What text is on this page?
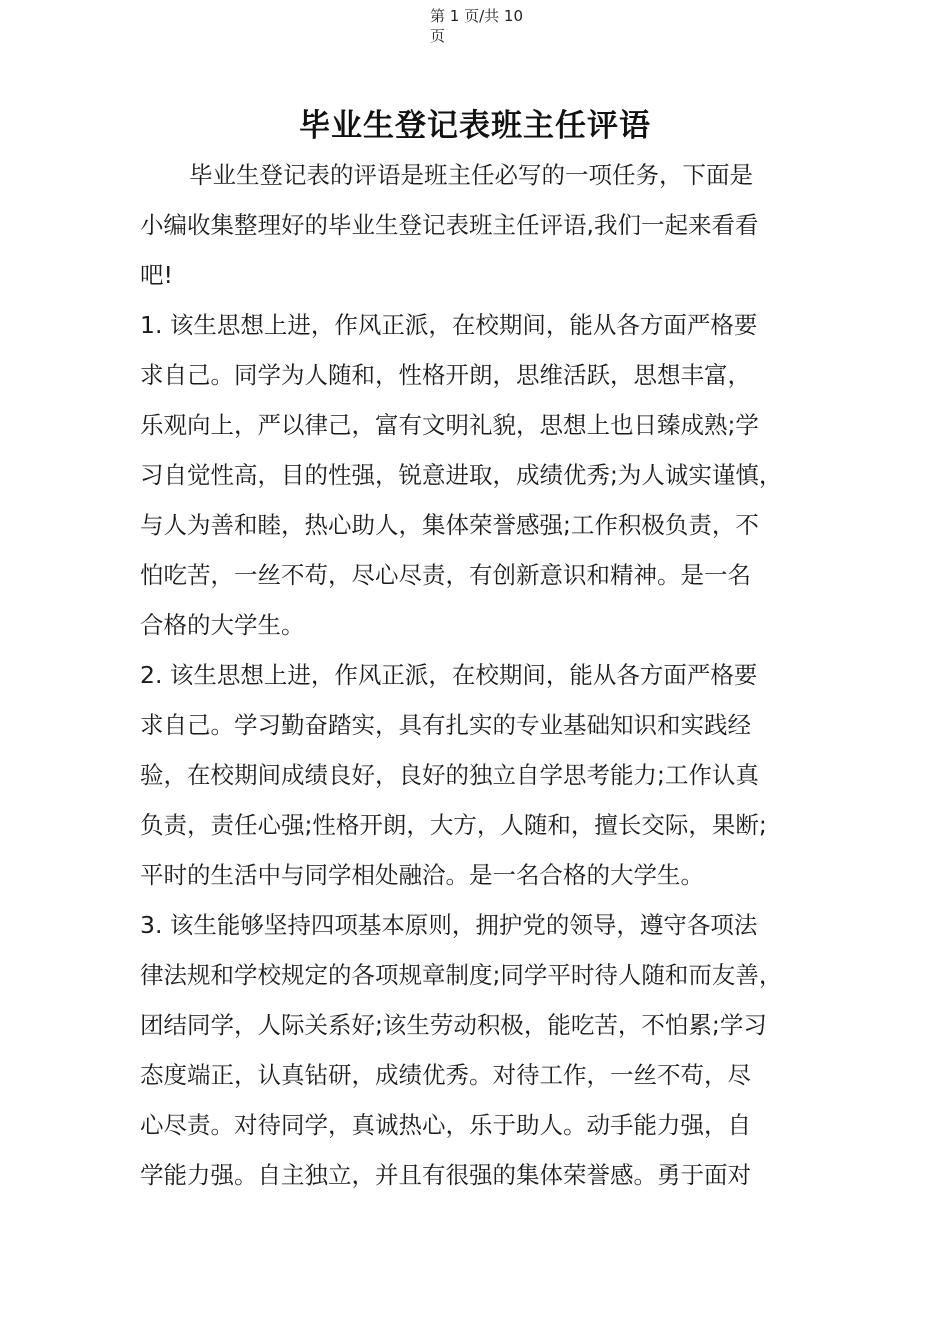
第 1 页/共 10 页
毕业生登记表班主任评语
毕业生登记表的评语是班主任必写的一项任务，下面是
小编收集整理好的毕业生登记表班主任评语,我们一起来看看
吧!
1. 该生思想上进，作风正派，在校期间，能从各方面严格要
求自己。同学为人随和，性格开朗，思维活跃，思想丰富，
乐观向上，严以律己，富有文明礼貌，思想上也日臻成熟;学
习自觉性高，目的性强，锐意进取，成绩优秀;为人诚实谨慎，
与人为善和睦，热心助人，集体荣誉感强;工作积极负责，不
怕吃苦，一丝不苟，尽心尽责，有创新意识和精神。是一名
合格的大学生。
2. 该生思想上进，作风正派，在校期间，能从各方面严格要
求自己。学习勤奋踏实，具有扎实的专业基础知识和实践经
验，在校期间成绩良好，良好的独立自学思考能力;工作认真
负责，责任心强;性格开朗，大方，人随和，擅长交际，果断;
平时的生活中与同学相处融洽。是一名合格的大学生。
3. 该生能够坚持四项基本原则，拥护党的领导，遵守各项法
律法规和学校规定的各项规章制度;同学平时待人随和而友善，
团结同学，人际关系好;该生劳动积极，能吃苦，不怕累;学习
态度端正，认真钻研，成绩优秀。对待工作，一丝不苟，尽
心尽责。对待同学，真诚热心，乐于助人。动手能力强，自
学能力强。自主独立，并且有很强的集体荣誉感。勇于面对
